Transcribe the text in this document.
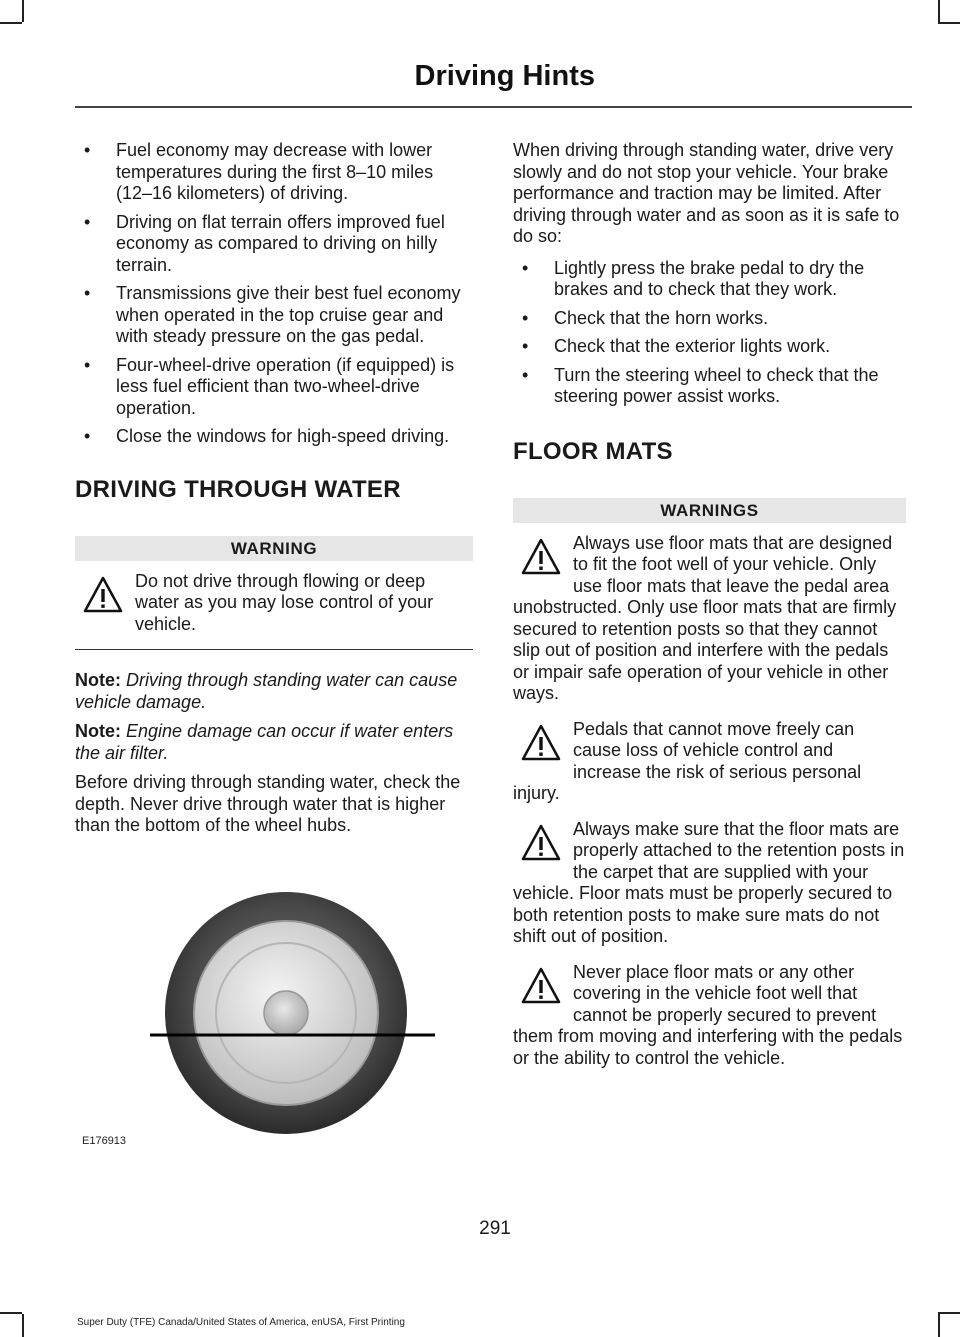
Driving Hints
• Fuel economy may decrease with lower temperatures during the first 8–10 miles (12–16 kilometers) of driving.
• Driving on flat terrain offers improved fuel economy as compared to driving on hilly terrain.
• Transmissions give their best fuel economy when operated in the top cruise gear and with steady pressure on the gas pedal.
• Four-wheel-drive operation (if equipped) is less fuel efficient than two-wheel-drive operation.
• Close the windows for high-speed driving.
DRIVING THROUGH WATER
WARNING
Do not drive through flowing or deep water as you may lose control of your vehicle.

Note: Driving through standing water can cause vehicle damage.

Note: Engine damage can occur if water enters the air filter.

Before driving through standing water, check the depth. Never drive through water that is higher than the bottom of the wheel hubs.

E176913

When driving through standing water, drive very slowly and do not stop your vehicle. Your brake performance and traction may be limited. After driving through water and as soon as it is safe to do so:

• Lightly press the brake pedal to dry the brakes and to check that they work.
• Check that the horn works.
• Check that the exterior lights work.
• Turn the steering wheel to check that the steering power assist works.
FLOOR MATS
WARNINGS
Always use floor mats that are designed to fit the foot well of your vehicle. Only use floor mats that leave the pedal area unobstructed. Only use floor mats that are firmly secured to retention posts so that they cannot slip out of position and interfere with the pedals or impair safe operation of your vehicle in other ways.
Pedals that cannot move freely can cause loss of vehicle control and increase the risk of serious personal injury.
Always make sure that the floor mats are properly attached to the retention posts in the carpet that are supplied with your vehicle. Floor mats must be properly secured to both retention posts to make sure mats do not shift out of position.
Never place floor mats or any other covering in the vehicle foot well that cannot be properly secured to prevent them from moving and interfering with the pedals or the ability to control the vehicle.
291
Super Duty (TFE) Canada/United States of America, enUSA, First Printing
